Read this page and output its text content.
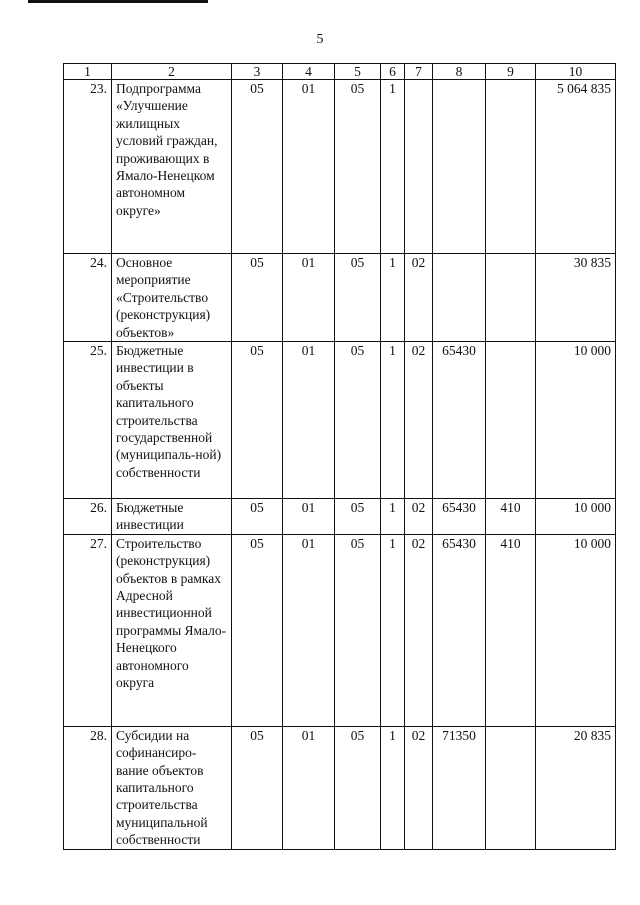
5
1	2	3	4	5	6	7	8	9	10
23.	Подпрограмма «Улучшение жилищных условий граждан, проживающих в Ямало-Ненецком автономном округе»	05	01	05	1				5 064 835
24.	Основное мероприятие «Строительство (реконструкция) объектов»	05	01	05	1	02			30 835
25.	Бюджетные инвестиции в объекты капитального строительства государственной (муниципаль-ной) собственности	05	01	05	1	02	65430		10 000
26.	Бюджетные инвестиции	05	01	05	1	02	65430	410	10 000
27.	Строительство (реконструкция) объектов в рамках Адресной инвестиционной программы Ямало-Ненецкого автономного округа	05	01	05	1	02	65430	410	10 000
28.	Субсидии на софинансиро-вание объектов капитального строительства муниципальной собственности	05	01	05	1	02	71350		20 835
